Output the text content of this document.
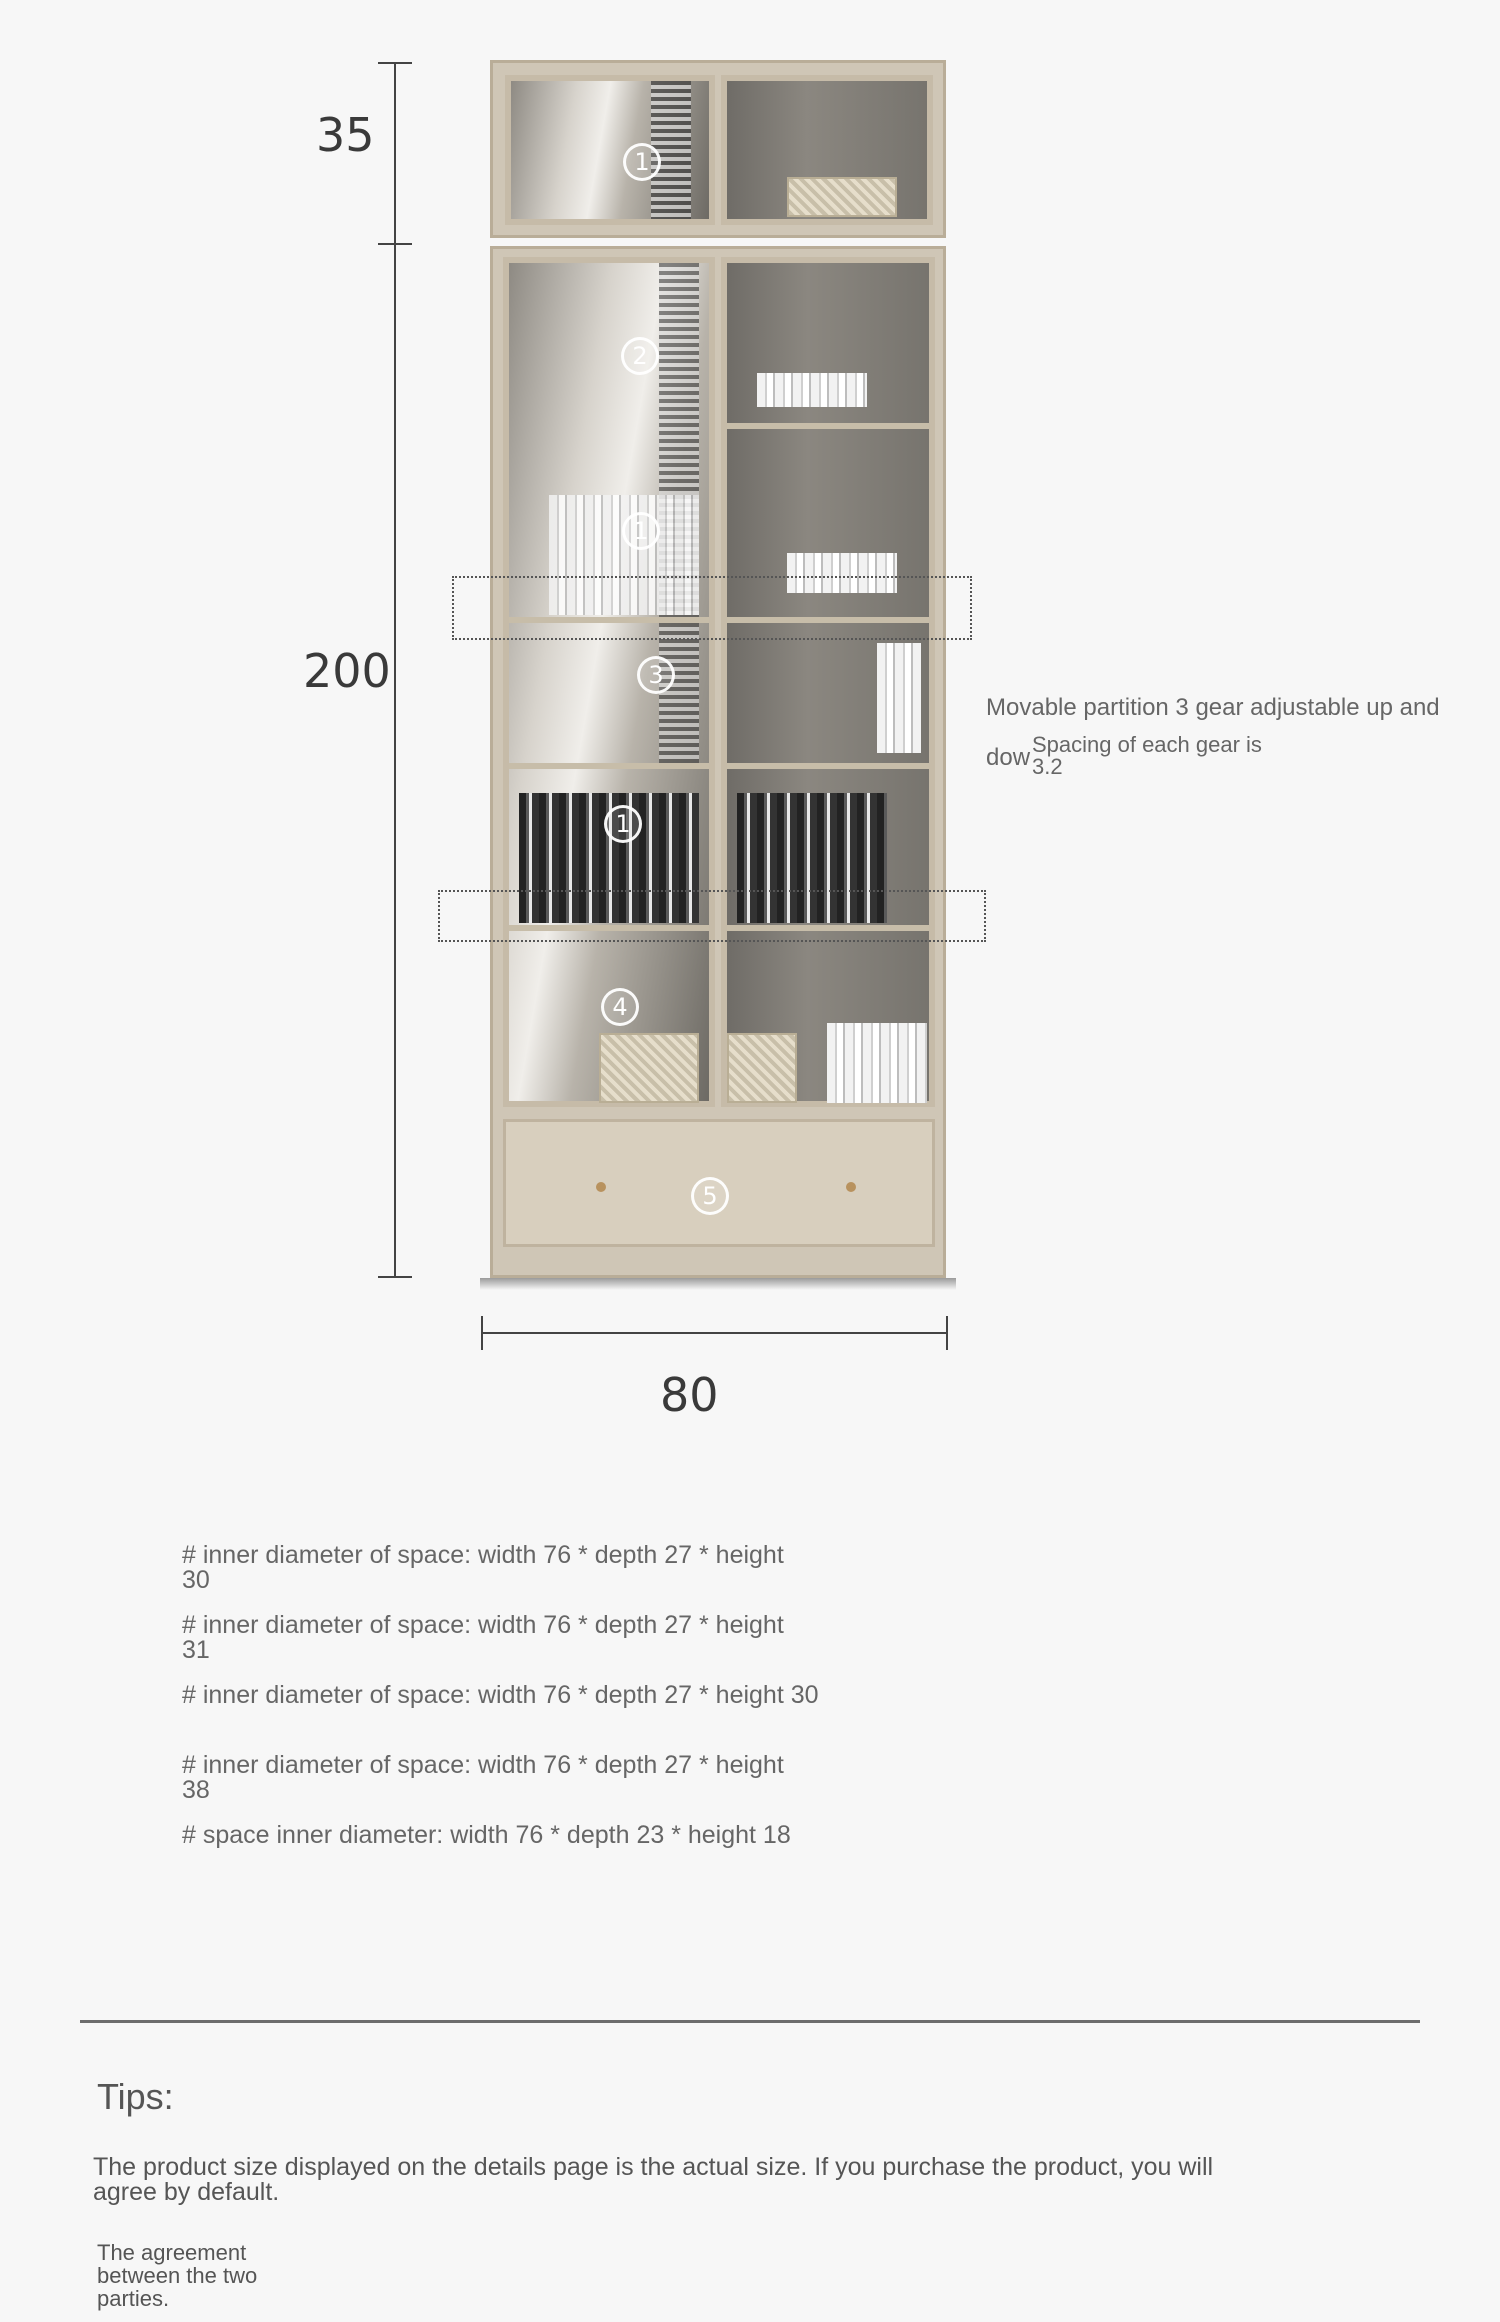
35
200
80
1
2
1
3
1
4
5
Movable partition 3 gear adjustable up and
dow Spacing of each gear is 3.2
# inner diameter of space: width 76 * depth 27 * height 30
# inner diameter of space: width 76 * depth 27 * height 31
# inner diameter of space: width 76 * depth 27 * height 30
# inner diameter of space: width 76 * depth 27 * height 38
# space inner diameter: width 76 * depth 23 * height 18
Tips:
The product size displayed on the details page is the actual size. If you purchase the product, you will agree by default.
The agreement between the two parties.
